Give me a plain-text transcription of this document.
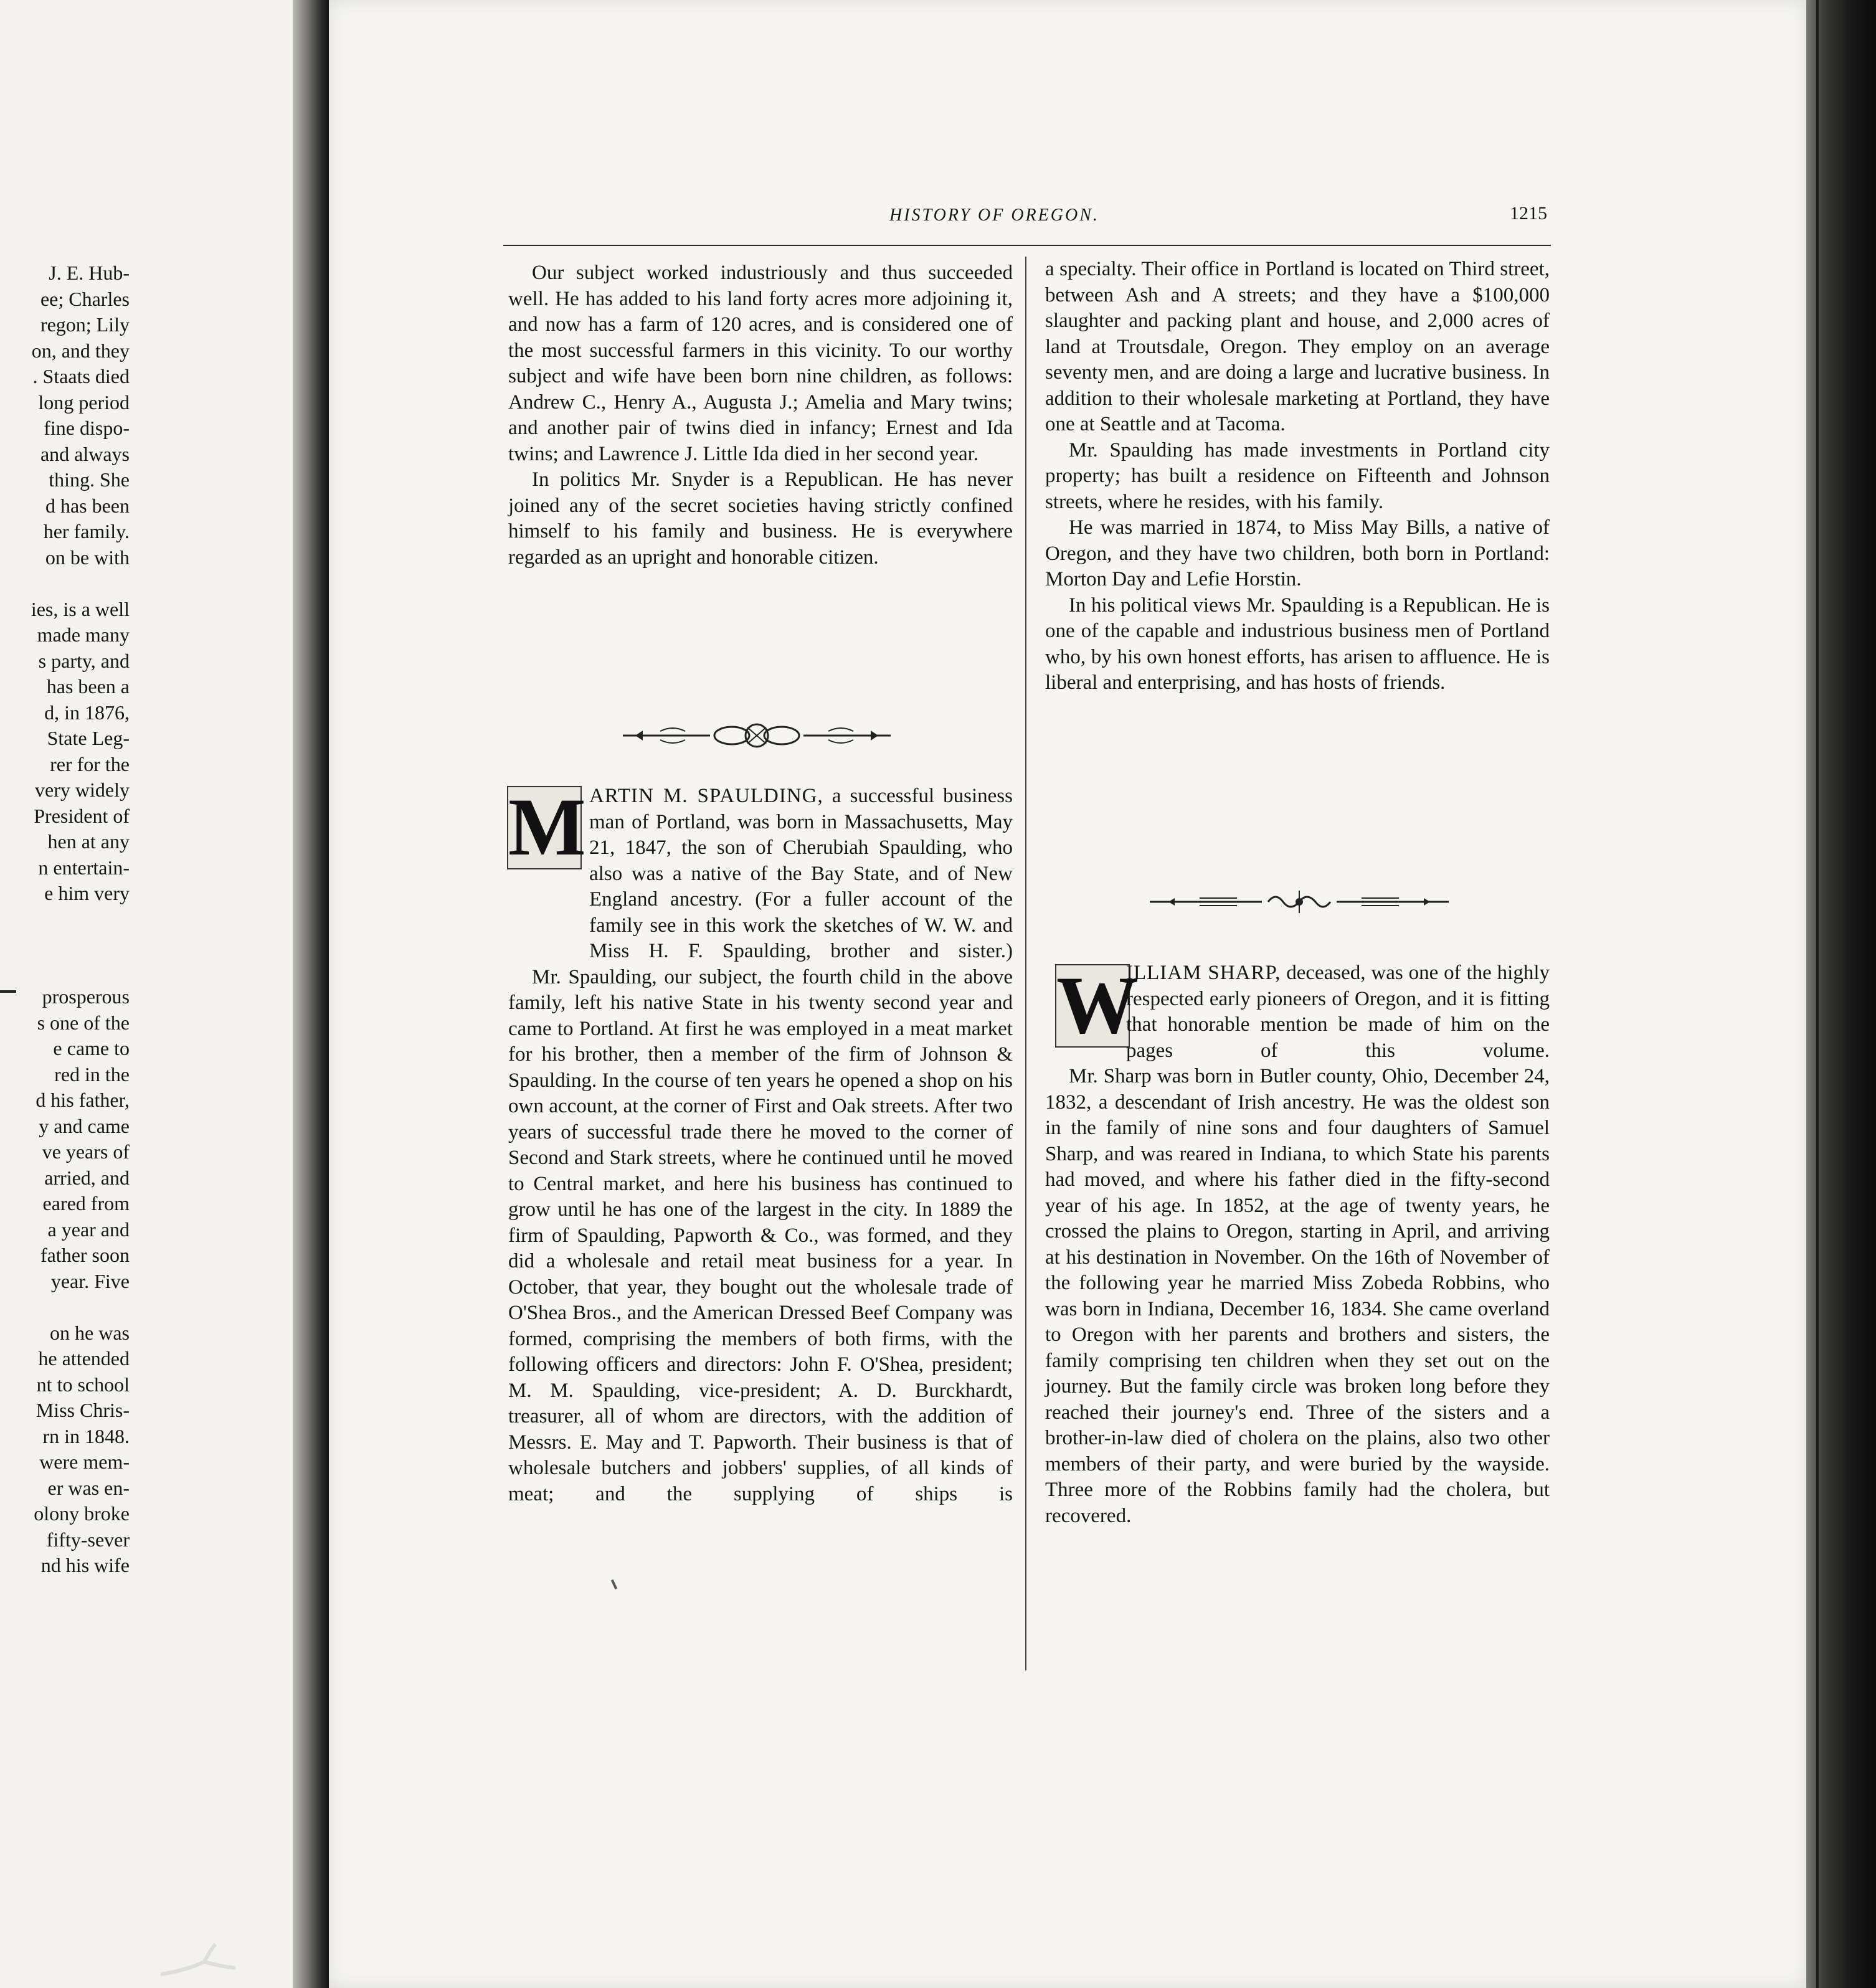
J. E. Hub-
ee; Charles
regon; Lily
on, and they
. Staats died
long period
fine dispo-
and always
thing. She
d has been
her family.
on be with
ies, is a well
made many
s party, and
has been a
d, in 1876,
State Leg-
rer for the
very widely
President of
hen at any
n entertain-
e him very
prosperous
s one of the
e came to
red in the
d his father,
y and came
ve years of
arried, and
eared from
a year and
father soon
year. Five
on he was
he attended
nt to school
Miss Chris-
rn in 1848.
were mem-
er was en-
olony broke
fifty-sever
nd his wife
HISTORY OF OREGON.	1215

Our subject worked industriously and thus succeeded well. He has added to his land forty acres more adjoining it, and now has a farm of 120 acres, and is considered one of the most successful farmers in this vicinity. To our worthy subject and wife have been born nine children, as follows: Andrew C., Henry A., Augusta J.; Amelia and Mary twins; and another pair of twins died in infancy; Ernest and Ida twins; and Lawrence J. Little Ida died in her second year.

In politics Mr. Snyder is a Republican. He has never joined any of the secret societies having strictly confined himself to his family and business. He is everywhere regarded as an upright and honorable citizen.

M ARTIN M. SPAULDING, a successful business man of Portland, was born in Massachusetts, May 21, 1847, the son of Cherubiah Spaulding, who also was a native of the Bay State, and of New England ancestry. (For a fuller account of the family see in this work the sketches of W. W. and Miss H. F. Spaulding, brother and sister.)

Mr. Spaulding, our subject, the fourth child in the above family, left his native State in his twenty second year and came to Portland. At first he was employed in a meat market for his brother, then a member of the firm of Johnson & Spaulding. In the course of ten years he opened a shop on his own account, at the corner of First and Oak streets. After two years of successful trade there he moved to the corner of Second and Stark streets, where he continued until he moved to Central market, and here his business has continued to grow until he has one of the largest in the city. In 1889 the firm of Spaulding, Papworth & Co., was formed, and they did a wholesale and retail meat business for a year. In October, that year, they bought out the wholesale trade of O'Shea Bros., and the American Dressed Beef Company was formed, comprising the members of both firms, with the following officers and directors: John F. O'Shea, president; M. M. Spaulding, vice-president; A. D. Burckhardt, treasurer, all of whom are directors, with the addition of Messrs. E. May and T. Papworth. Their business is that of wholesale butchers and jobbers' supplies, of all kinds of meat; and the supplying of ships is

a specialty. Their office in Portland is located on Third street, between Ash and A streets; and they have a $100,000 slaughter and packing plant and house, and 2,000 acres of land at Troutsdale, Oregon. They employ on an average seventy men, and are doing a large and lucrative business. In addition to their wholesale marketing at Portland, they have one at Seattle and at Tacoma.

Mr. Spaulding has made investments in Portland city property; has built a residence on Fifteenth and Johnson streets, where he resides, with his family.

He was married in 1874, to Miss May Bills, a native of Oregon, and they have two children, both born in Portland: Morton Day and Lefie Horstin.

In his political views Mr. Spaulding is a Republican. He is one of the capable and industrious business men of Portland who, by his own honest efforts, has arisen to affluence. He is liberal and enterprising, and has hosts of friends.

W

ILLIAM SHARP, deceased, was one of the highly respected early pioneers of Oregon, and it is fitting that honorable mention be made of him on the pages of this volume.

Mr. Sharp was born in Butler county, Ohio, December 24, 1832, a descendant of Irish ancestry. He was the oldest son in the family of nine sons and four daughters of Samuel Sharp, and was reared in Indiana, to which State his parents had moved, and where his father died in the fifty-second year of his age. In 1852, at the age of twenty years, he crossed the plains to Oregon, starting in April, and arriving at his destination in November. On the 16th of November of the following year he married Miss Zobeda Robbins, who was born in Indiana, December 16, 1834. She came overland to Oregon with her parents and brothers and sisters, the family comprising ten children when they set out on the journey. But the family circle was broken long before they reached their journey's end. Three of the sisters and a brother-in-law died of cholera on the plains, also two other members of their party, and were buried by the wayside. Three more of the Robbins family had the cholera, but recovered.
